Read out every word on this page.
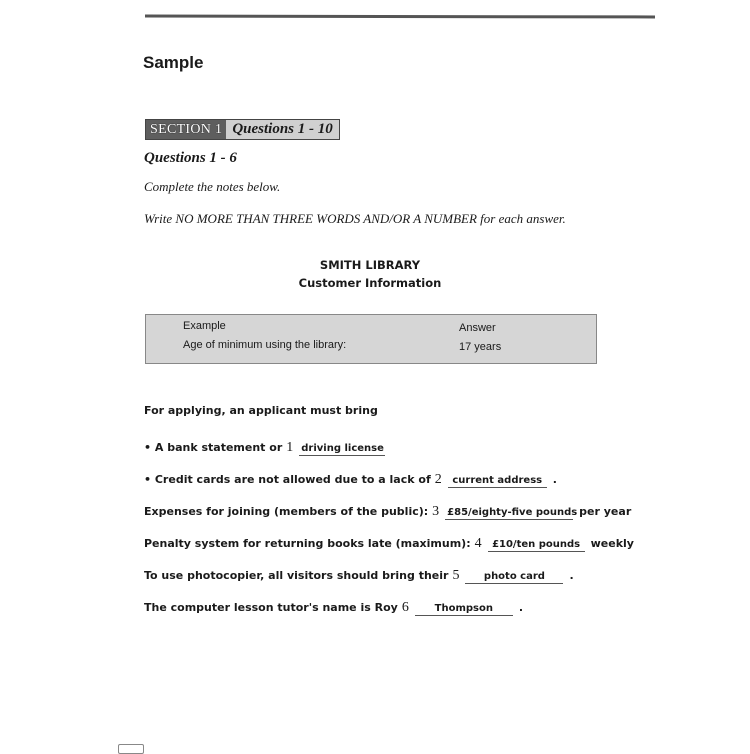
Sample
SECTION 1 Questions 1 - 10
Questions 1 - 6
Complete the notes below.
Write NO MORE THAN THREE WORDS AND/OR A NUMBER for each answer.
SMITH LIBRARY
Customer Information
Example	Answer
Age of minimum using the library:	17 years
For applying, an applicant must bring
• A bank statement or 1 driving license
• Credit cards are not allowed due to a lack of 2	current address .
Expenses for joining (members of the public): 3 £85/eighty-five pounds per year
Penalty system for returning books late (maximum): 4	£10/ten pounds weekly
To use photocopier, all visitors should bring their 5	photo card	.
The computer lesson tutor's name is Roy 6	Thompson	.
